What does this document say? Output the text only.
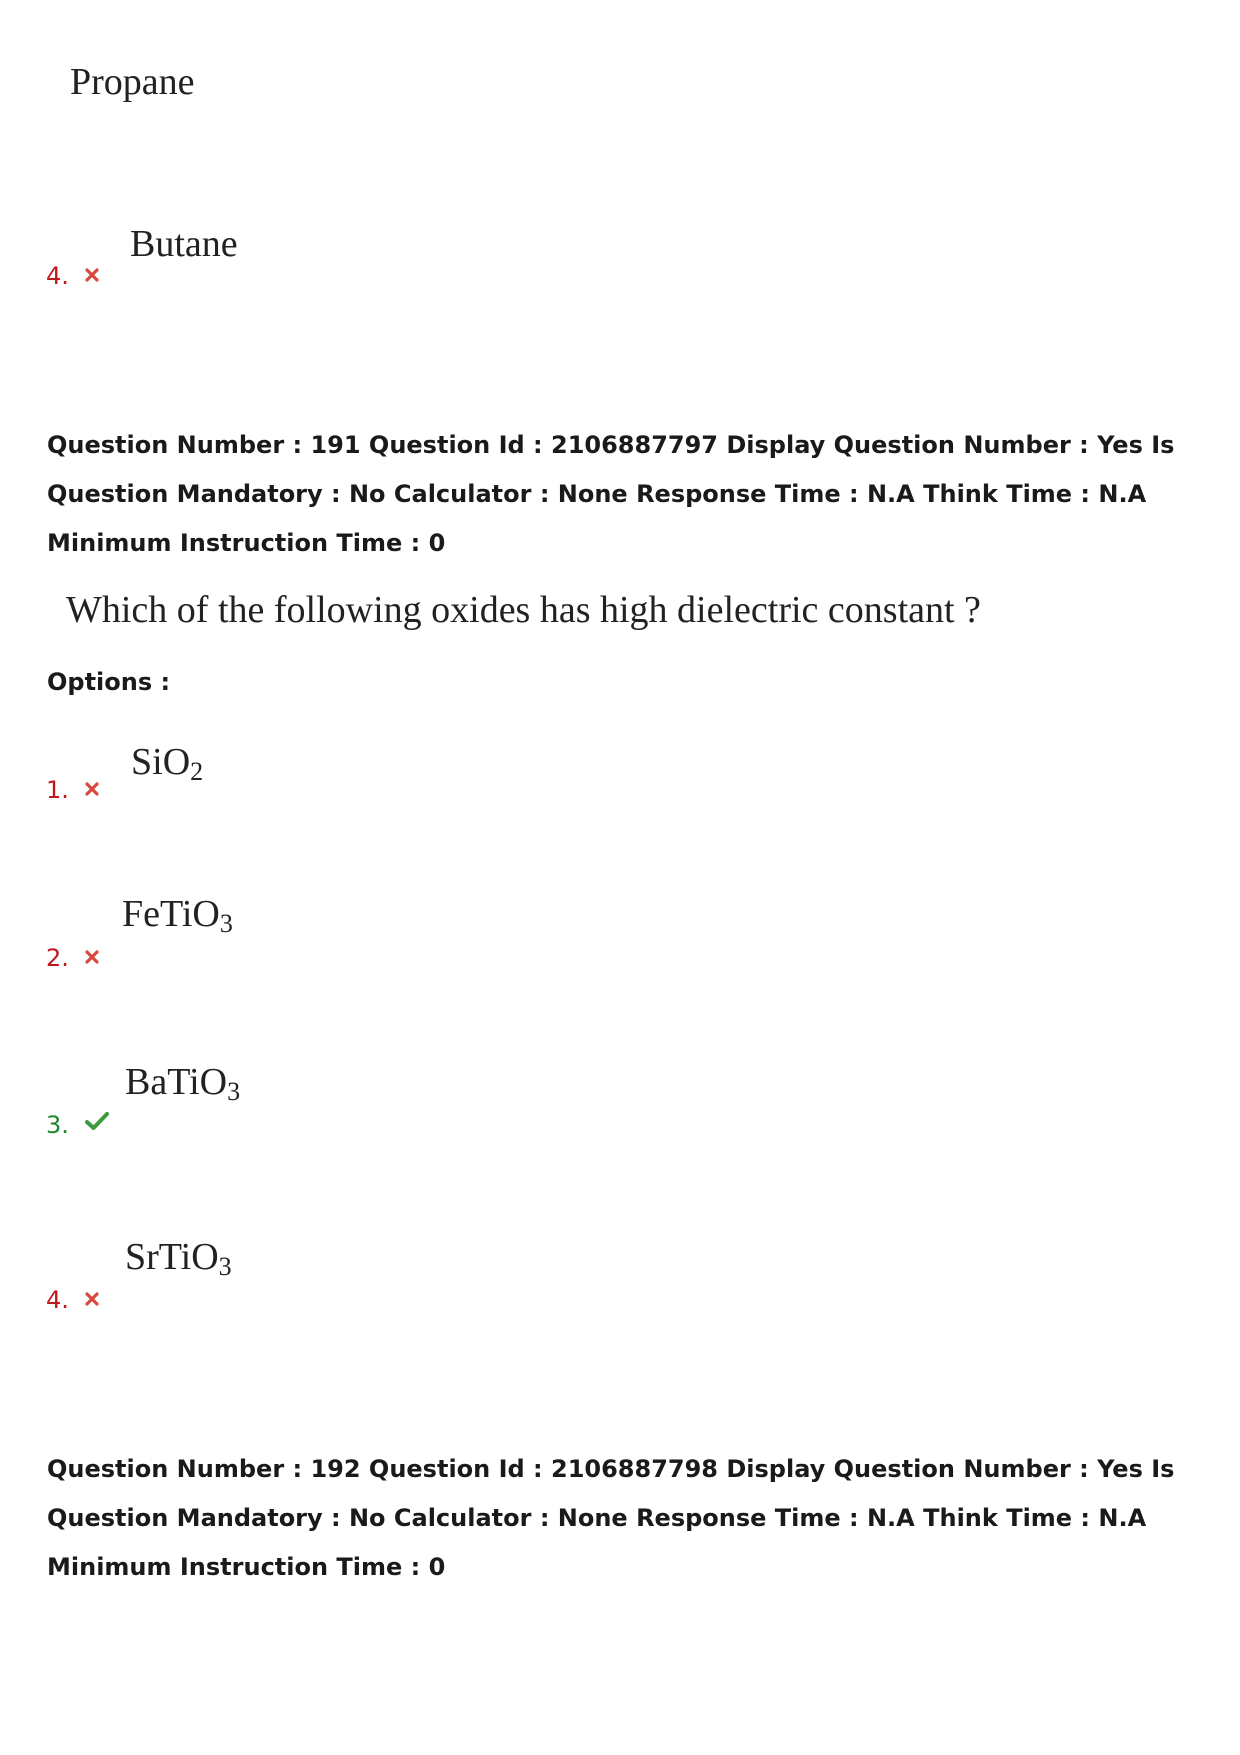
Propane
Butane
4.
Question Number : 191 Question Id : 2106887797 Display Question Number : Yes Is Question Mandatory : No Calculator : None Response Time : N.A Think Time : N.A Minimum Instruction Time : 0
Which of the following oxides has high dielectric constant ?
Options :
SiO$_2$
1.
FeTiO$_3$
2.
BaTiO$_3$
3.
SrTiO$_3$
4.
Question Number : 192 Question Id : 2106887798 Display Question Number : Yes Is Question Mandatory : No Calculator : None Response Time : N.A Think Time : N.A Minimum Instruction Time : 0
